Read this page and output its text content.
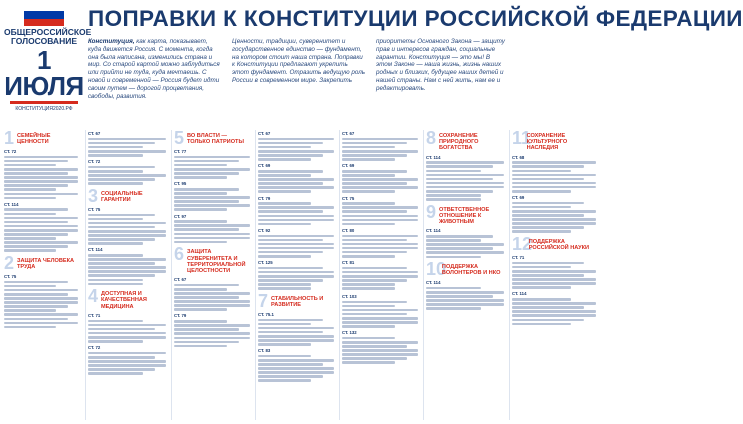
ОБЩЕРОССИЙСКОЕ ГОЛОСОВАНИЕ
1 ИЮЛЯ
КОНСТИТУЦИЯ2020.РФ
ПОПРАВКИ К КОНСТИТУЦИИ РОССИЙСКОЙ ФЕДЕРАЦИИ
Конституция, как карта, показывает, куда движется Россия. С момента, когда она была написана, изменились страна и мир. Со старой картой можно заблудиться или прийти не туда, куда мечтаешь. С новой и современной — Россия будет идти своим путем — дорогой процветания, свободы, развития.
Ценности, традиции, суверенитет и государственное единство — фундамент, на котором стоит наша страна. Поправки к Конституции предлагают укрепить этот фундамент. Отразить ведущую роль России в современном мире. Закрепить
приоритеты Основного Закона — защиту прав и интересов граждан, социальные гарантии. Конституция — это мы! В этом Законе — наша жизнь, жизнь наших родных и близких, будущее наших детей и нашей страны. Нам с ней жить, нам ее и редактировать.
1 СЕМЕЙНЫЕ ЦЕННОСТИ
СТ. 72
СТ. 114
2 ЗАЩИТА ЧЕЛОВЕКА ТРУДА
СТ. 75
СТ. 67
СТ. 72
3 СОЦИАЛЬНЫЕ ГАРАНТИИ
СТ. 75
СТ. 114
4 ДОСТУПНАЯ И КАЧЕСТВЕННАЯ МЕДИЦИНА
СТ. 71
СТ. 72
5 ВО ВЛАСТИ — ТОЛЬКО ПАТРИОТЫ
СТ. 77
СТ. 95
СТ. 97
6 ЗАЩИТА СУВЕРЕНИТЕТА И ТЕРРИТОРИАЛЬНОЙ ЦЕЛОСТНОСТИ
СТ. 67
СТ. 79
СТ. 67
СТ. 69
СТ. 79
СТ. 92
СТ. 125
7 СТАБИЛЬНОСТЬ И РАЗВИТИЕ
СТ. 75.1
СТ. 83
СТ. 67
СТ. 69
СТ. 75
СТ. 80
СТ. 81
СТ. 103
СТ. 132
8 СОХРАНЕНИЕ ПРИРОДНОГО БОГАТСТВА
СТ. 114
9 ОТВЕТСТВЕННОЕ ОТНОШЕНИЕ К ЖИВОТНЫМ
СТ. 114
10
ПОДДЕРЖКА ВОЛОНТЕРОВ И НКО
СТ. 114
11
СОХРАНЕНИЕ КУЛЬТУРНОГО НАСЛЕДИЯ
СТ. 68
СТ. 69
12
ПОДДЕРЖКА РОССИЙСКОЙ НАУКИ
СТ. 71
СТ. 114
